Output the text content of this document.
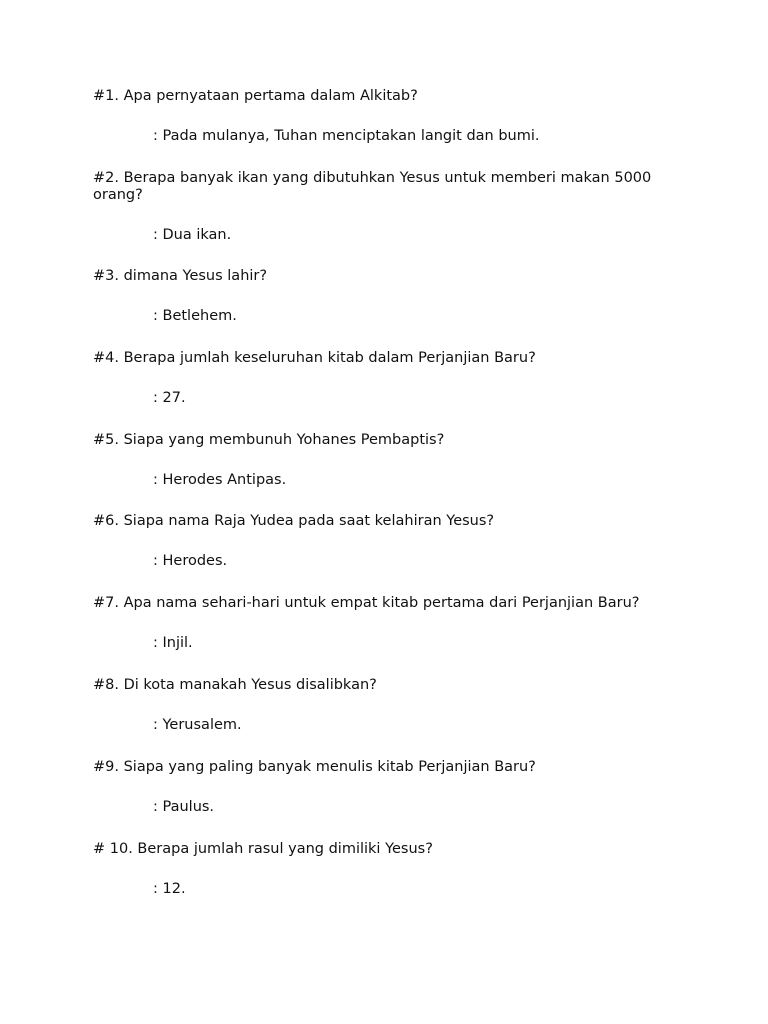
#1. Apa pernyataan pertama dalam Alkitab?

: Pada mulanya, Tuhan menciptakan langit dan bumi.

#2. Berapa banyak ikan yang dibutuhkan Yesus untuk memberi makan 5000 orang?

: Dua ikan.

#3. dimana Yesus lahir?

: Betlehem.

#4. Berapa jumlah keseluruhan kitab dalam Perjanjian Baru?

: 27.

#5. Siapa yang membunuh Yohanes Pembaptis?

: Herodes Antipas.

#6. Siapa nama Raja Yudea pada saat kelahiran Yesus?

: Herodes.

#7. Apa nama sehari-hari untuk empat kitab pertama dari Perjanjian Baru?

: Injil.

#8. Di kota manakah Yesus disalibkan?

: Yerusalem.

#9. Siapa yang paling banyak menulis kitab Perjanjian Baru?

: Paulus.

# 10. Berapa jumlah rasul yang dimiliki Yesus?

: 12.
